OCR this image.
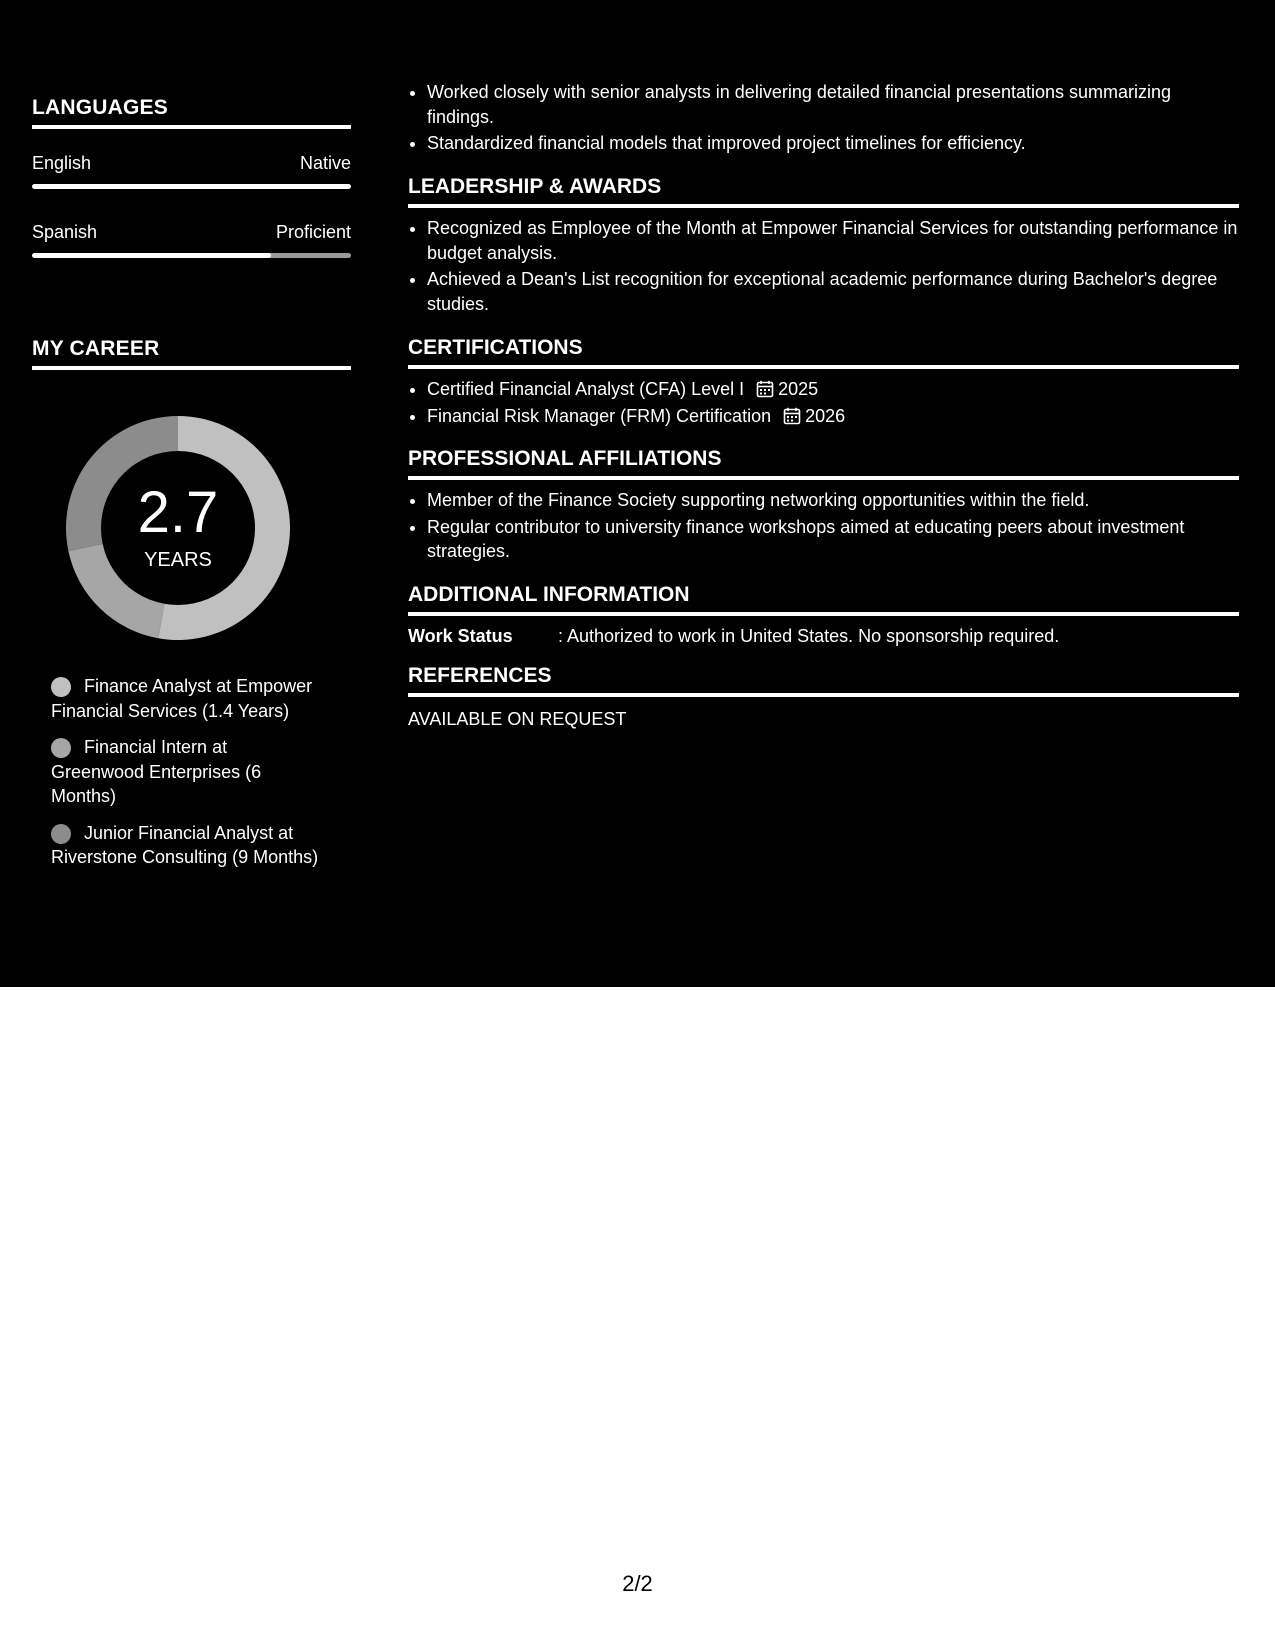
LANGUAGES
English	Native
Spanish	Proficient
MY CAREER
2.7
YEARS
Finance Analyst at Empower Financial Services (1.4 Years)
Financial Intern at Greenwood Enterprises (6 Months)
Junior Financial Analyst at Riverstone Consulting (9 Months)
• Worked closely with senior analysts in delivering detailed financial presentations summarizing findings.
• Standardized financial models that improved project timelines for efficiency.
LEADERSHIP & AWARDS
• Recognized as Employee of the Month at Empower Financial Services for outstanding performance in budget analysis.
• Achieved a Dean's List recognition for exceptional academic performance during Bachelor's degree studies.
CERTIFICATIONS
• Certified Financial Analyst (CFA) Level I 2025
• Financial Risk Manager (FRM) Certification 2026
PROFESSIONAL AFFILIATIONS
• Member of the Finance Society supporting networking opportunities within the field.
• Regular contributor to university finance workshops aimed at educating peers about investment strategies.
ADDITIONAL INFORMATION
Work Status	: Authorized to work in United States. No sponsorship required.
REFERENCES
AVAILABLE ON REQUEST
2/2
